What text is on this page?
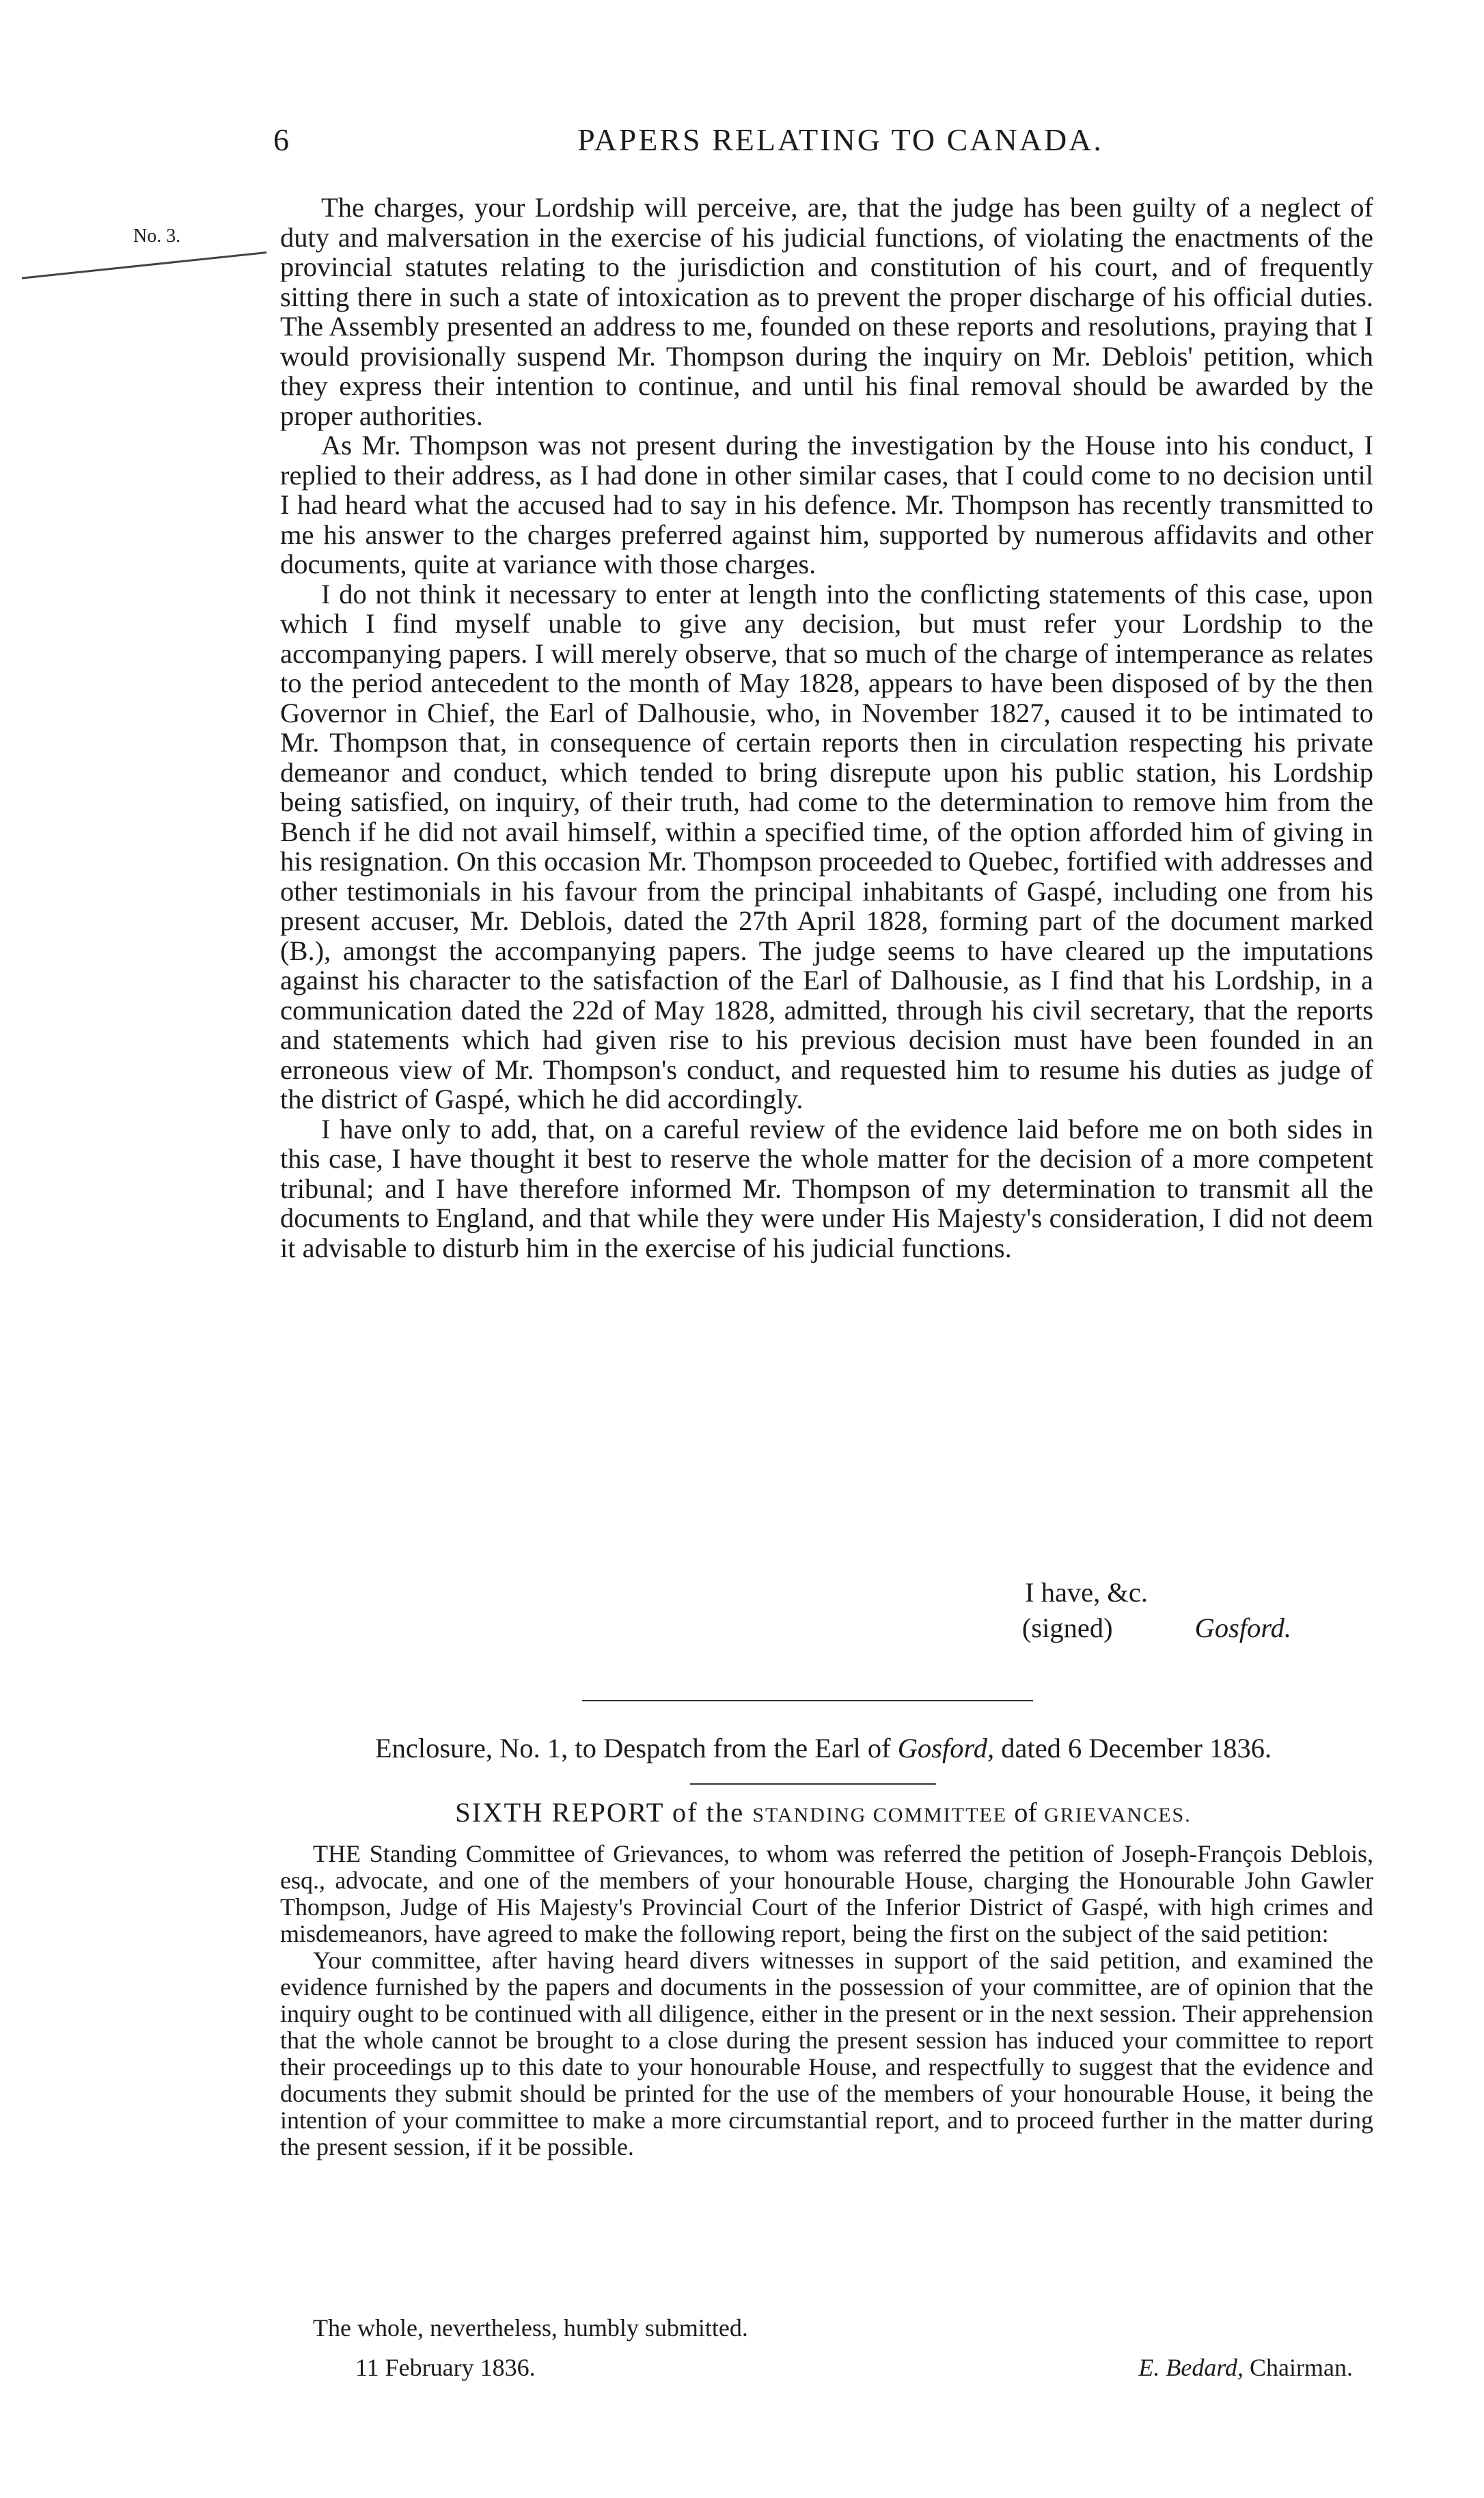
6	PAPERS RELATING TO CANADA.
No. 3.

The charges, your Lordship will perceive, are, that the judge has been guilty of a neglect of duty and malversation in the exercise of his judicial functions, of violating the enactments of the provincial statutes relating to the jurisdiction and constitution of his court, and of frequently sitting there in such a state of intoxication as to prevent the proper discharge of his official duties. The Assembly presented an address to me, founded on these reports and resolutions, praying that I would provisionally suspend Mr. Thompson during the inquiry on Mr. Deblois' petition, which they express their intention to continue, and until his final removal should be awarded by the proper authorities.

As Mr. Thompson was not present during the investigation by the House into his conduct, I replied to their address, as I had done in other similar cases, that I could come to no decision until I had heard what the accused had to say in his defence. Mr. Thompson has recently transmitted to me his answer to the charges preferred against him, supported by numerous affidavits and other documents, quite at variance with those charges.

I do not think it necessary to enter at length into the conflicting statements of this case, upon which I find myself unable to give any decision, but must refer your Lordship to the accompanying papers. I will merely observe, that so much of the charge of intemperance as relates to the period antecedent to the month of May 1828, appears to have been disposed of by the then Governor in Chief, the Earl of Dalhousie, who, in November 1827, caused it to be intimated to Mr. Thompson that, in consequence of certain reports then in circulation respecting his private demeanor and conduct, which tended to bring disrepute upon his public station, his Lordship being satisfied, on inquiry, of their truth, had come to the determination to remove him from the Bench if he did not avail himself, within a specified time, of the option afforded him of giving in his resignation. On this occasion Mr. Thompson proceeded to Quebec, fortified with addresses and other testimonials in his favour from the principal inhabitants of Gaspé, including one from his present accuser, Mr. Deblois, dated the 27th April 1828, forming part of the document marked (B.), amongst the accompanying papers. The judge seems to have cleared up the imputations against his character to the satisfaction of the Earl of Dalhousie, as I find that his Lordship, in a communication dated the 22d of May 1828, admitted, through his civil secretary, that the reports and statements which had given rise to his previous decision must have been founded in an erroneous view of Mr. Thompson's conduct, and requested him to resume his duties as judge of the district of Gaspé, which he did accordingly.

I have only to add, that, on a careful review of the evidence laid before me on both sides in this case, I have thought it best to reserve the whole matter for the decision of a more competent tribunal; and I have therefore informed Mr. Thompson of my determination to transmit all the documents to England, and that while they were under His Majesty's consideration, I did not deem it advisable to disturb him in the exercise of his judicial functions.

I have, &c.
(signed)	Gosford.
Enclosure, No. 1, to Despatch from the Earl of Gosford, dated 6 December 1836.
SIXTH REPORT of the STANDING COMMITTEE of GRIEVANCES.

THE Standing Committee of Grievances, to whom was referred the petition of Joseph-François Deblois, esq., advocate, and one of the members of your honourable House, charging the Honourable John Gawler Thompson, Judge of His Majesty's Provincial Court of the Inferior District of Gaspé, with high crimes and misdemeanors, have agreed to make the following report, being the first on the subject of the said petition:

Your committee, after having heard divers witnesses in support of the said petition, and examined the evidence furnished by the papers and documents in the possession of your committee, are of opinion that the inquiry ought to be continued with all diligence, either in the present or in the next session. Their apprehension that the whole cannot be brought to a close during the present session has induced your committee to report their proceedings up to this date to your honourable House, and respectfully to suggest that the evidence and documents they submit should be printed for the use of the members of your honourable House, it being the intention of your committee to make a more circumstantial report, and to proceed further in the matter during the present session, if it be possible.

The whole, nevertheless, humbly submitted.
11 February 1836.	E. Bedard, Chairman.
